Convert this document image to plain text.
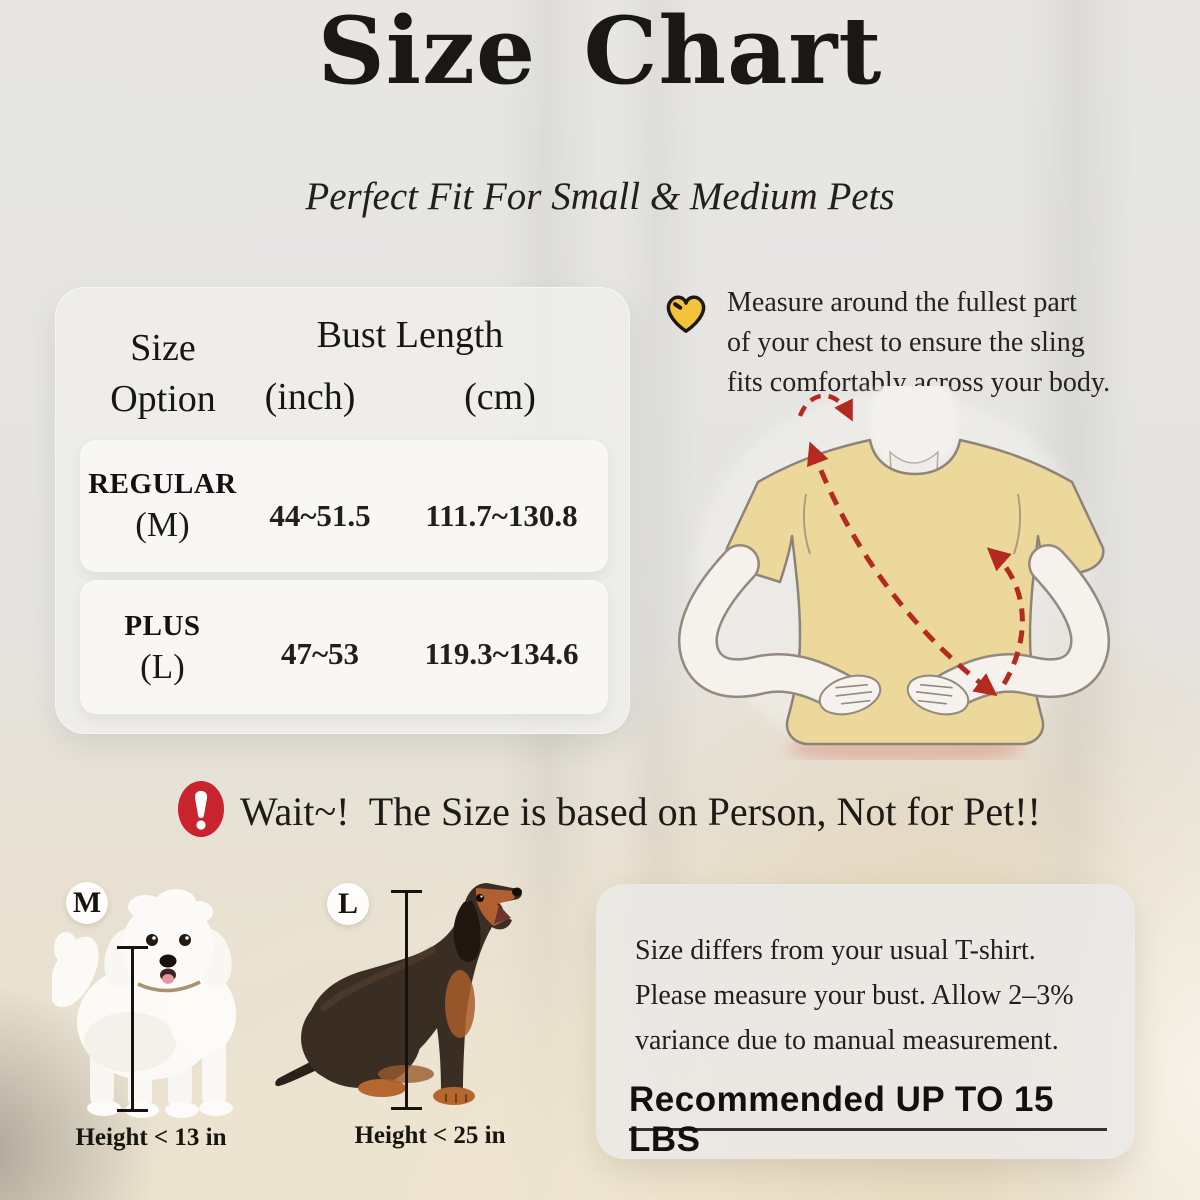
Size Chart
Perfect Fit For Small & Medium Pets
Size
Option
Bust Length
(inch)	(cm)
REGULAR
(M)	44~51.5	111.7~130.8
PLUS
(L)	47~53	119.3~134.6
Measure around the fullest part
of your chest to ensure the sling
fits comfortably across your body.
Wait~!  The Size is based on Person, Not for Pet!!
M	L
Height < 13 in	Height < 25 in
Size differs from your usual T-shirt.
Please measure your bust. Allow 2–3%
variance due to manual measurement.
Recommended UP TO 15 LBS
